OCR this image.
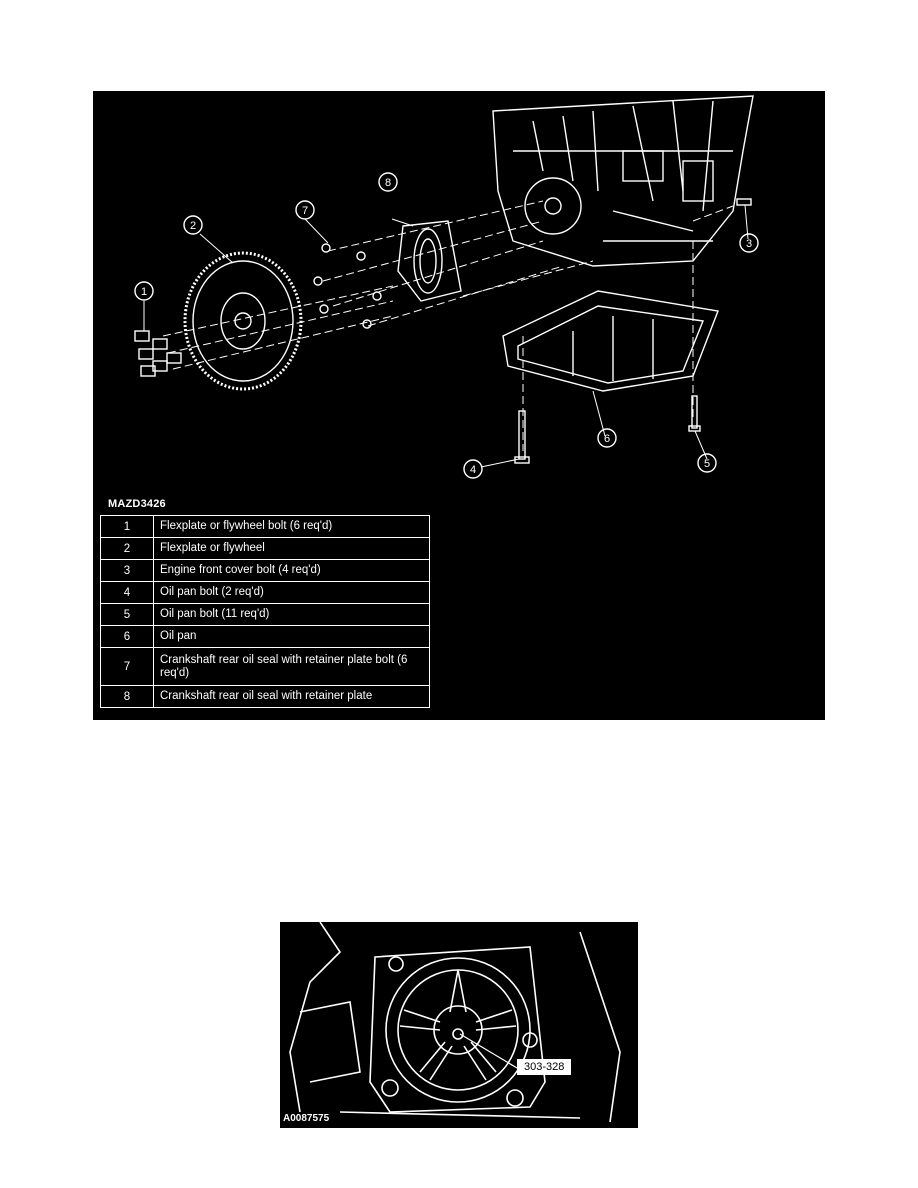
1
2
3
4	5
6
7
8
MAZD3426
1	Flexplate or flywheel bolt (6 req'd)
2	Flexplate or flywheel
3	Engine front cover bolt (4 req'd)
4	Oil pan bolt (2 req'd)
5	Oil pan bolt (11 req'd)
6	Oil pan
7	Crankshaft rear oil seal with retainer plate bolt (6 req'd)
8	Crankshaft rear oil seal with retainer plate
303-328
A0087575
